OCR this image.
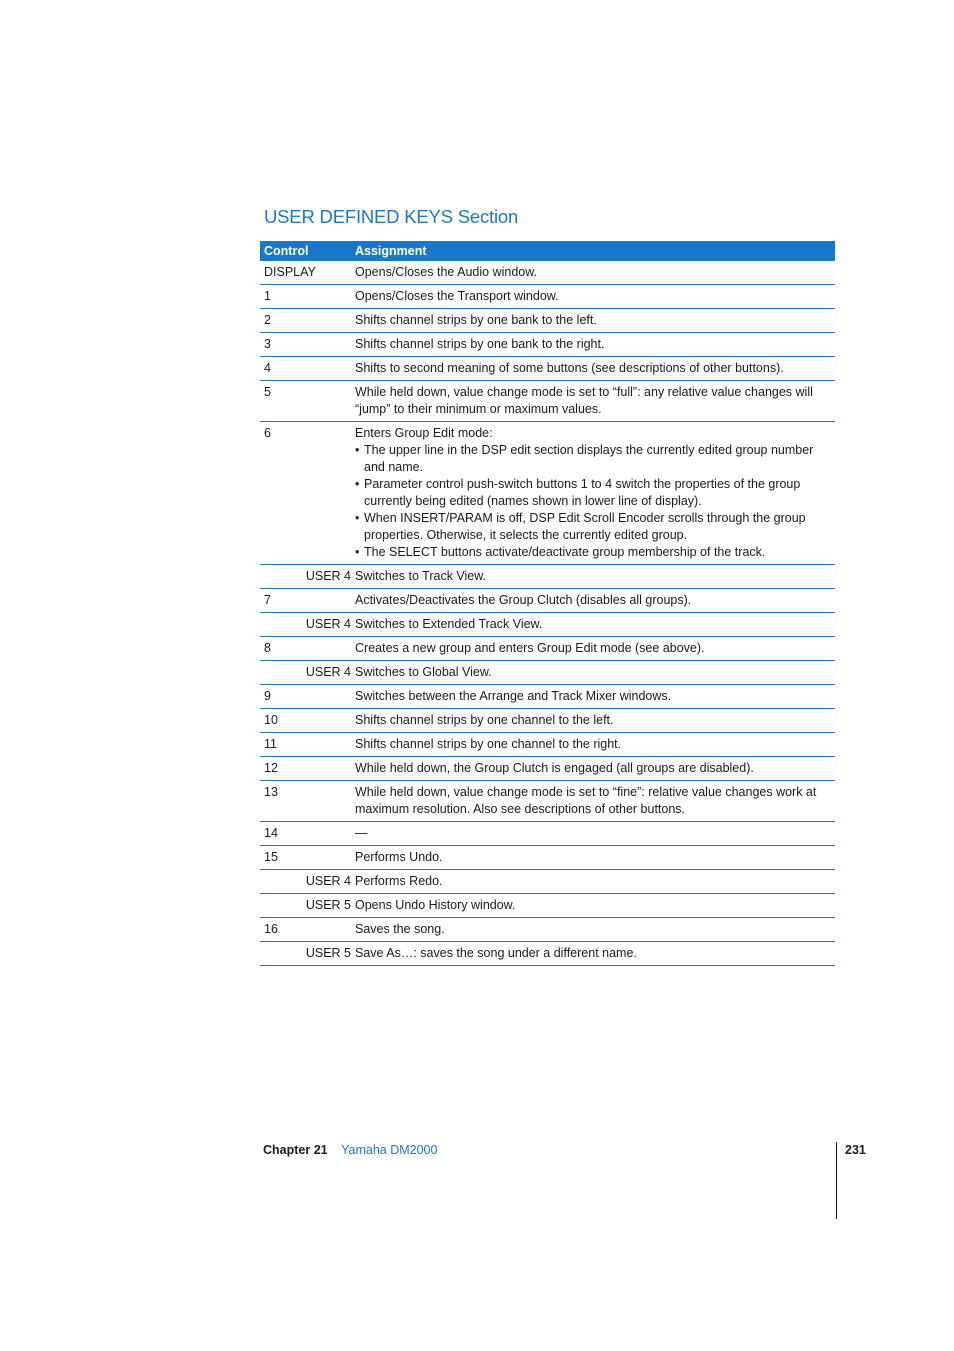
USER DEFINED KEYS Section
Control	Assignment
DISPLAY	Opens/Closes the Audio window.
1	Opens/Closes the Transport window.
2	Shifts channel strips by one bank to the left.
3	Shifts channel strips by one bank to the right.
4	Shifts to second meaning of some buttons (see descriptions of other buttons).
5	While held down, value change mode is set to “full”: any relative value changes will “jump” to their minimum or maximum values.
6	Enters Group Edit mode:
• The upper line in the DSP edit section displays the currently edited group number and name.
• Parameter control push-switch buttons 1 to 4 switch the properties of the group currently being edited (names shown in lower line of display).
• When INSERT/PARAM is off, DSP Edit Scroll Encoder scrolls through the group properties. Otherwise, it selects the currently edited group.
• The SELECT buttons activate/deactivate group membership of the track.
USER 4 Switches to Track View.
7	Activates/Deactivates the Group Clutch (disables all groups).
USER 4 Switches to Extended Track View.
8	Creates a new group and enters Group Edit mode (see above).
USER 4 Switches to Global View.
9	Switches between the Arrange and Track Mixer windows.
10	Shifts channel strips by one channel to the left.
11	Shifts channel strips by one channel to the right.
12	While held down, the Group Clutch is engaged (all groups are disabled).
13	While held down, value change mode is set to “fine”: relative value changes work at maximum resolution. Also see descriptions of other buttons.
14	—
15	Performs Undo.
USER 4 Performs Redo.
USER 5 Opens Undo History window.
16	Saves the song.
USER 5 Save As…: saves the song under a different name.
Chapter 21 Yamaha DM2000	231
